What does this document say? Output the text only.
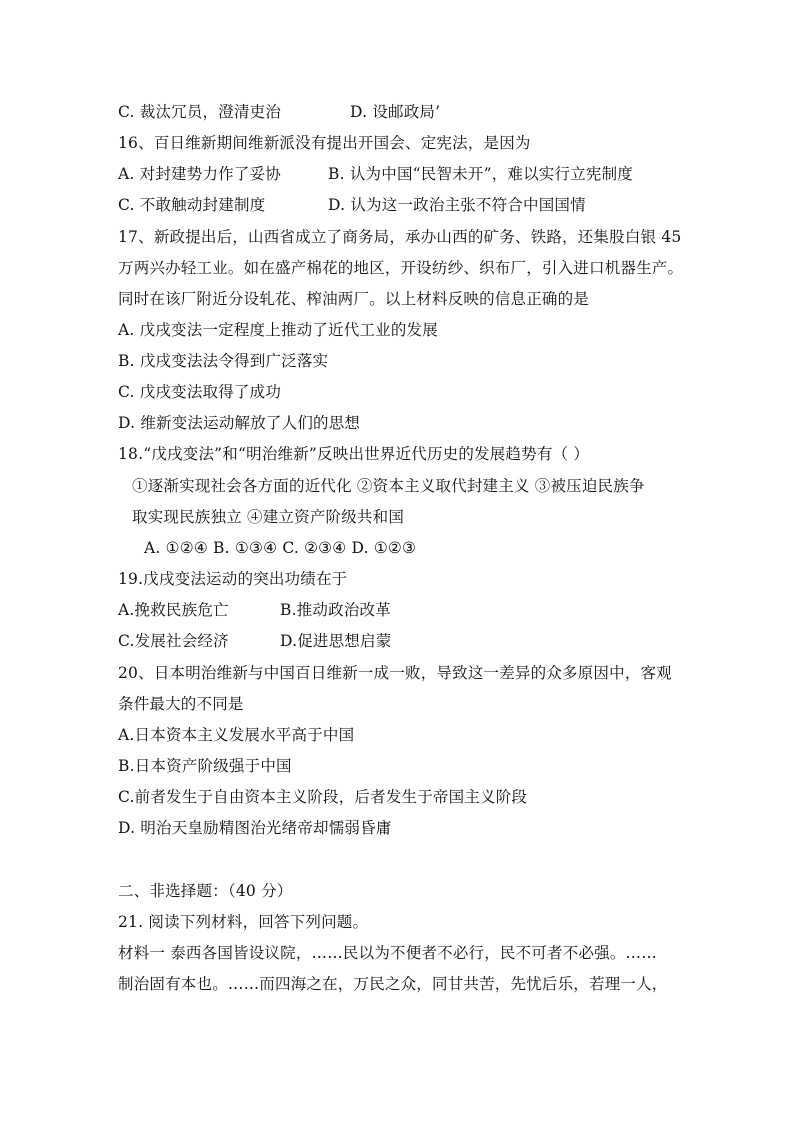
C. 裁汰冗员，澄清吏治	D. 设邮政局’
16、百日维新期间维新派没有提出开国会、定宪法，是因为
A. 对封建势力作了妥协	B. 认为中国“民智未开”，难以实行立宪制度
C. 不敢触动封建制度	D. 认为这一政治主张不符合中国国情
17、新政提出后，山西省成立了商务局，承办山西的矿务、铁路，还集股白银 45
万两兴办轻工业。如在盛产棉花的地区，开设纺纱、织布厂，引入进口机器生产。
同时在该厂附近分设轧花、榨油两厂。以上材料反映的信息正确的是
A. 戊戌变法一定程度上推动了近代工业的发展
B. 戊戌变法法令得到广泛落实
C. 戊戌变法取得了成功
D. 维新变法运动解放了人们的思想
18.“戊戌变法”和“明治维新”反映出世界近代历史的发展趋势有（ ）
①逐渐实现社会各方面的近代化 ②资本主义取代封建主义 ③被压迫民族争
取实现民族独立 ④建立资产阶级共和国
A. ①②④ B. ①③④ C. ②③④ D. ①②③
19.戊戌变法运动的突出功绩在于
A.挽救民族危亡	B.推动政治改革
C.发展社会经济	D.促进思想启蒙
20、日本明治维新与中国百日维新一成一败，导致这一差异的众多原因中，客观
条件最大的不同是
A.日本资本主义发展水平高于中国
B.日本资产阶级强于中国
C.前者发生于自由资本主义阶段，后者发生于帝国主义阶段
D. 明治天皇励精图治光绪帝却懦弱昏庸
二、非选择题：（40 分）
21. 阅读下列材料，回答下列问题。
材料一 泰西各国皆设议院，……民以为不便者不必行，民不可者不必强。……
制治固有本也。……而四海之在，万民之众，同甘共苦，先忧后乐，若理一人，
